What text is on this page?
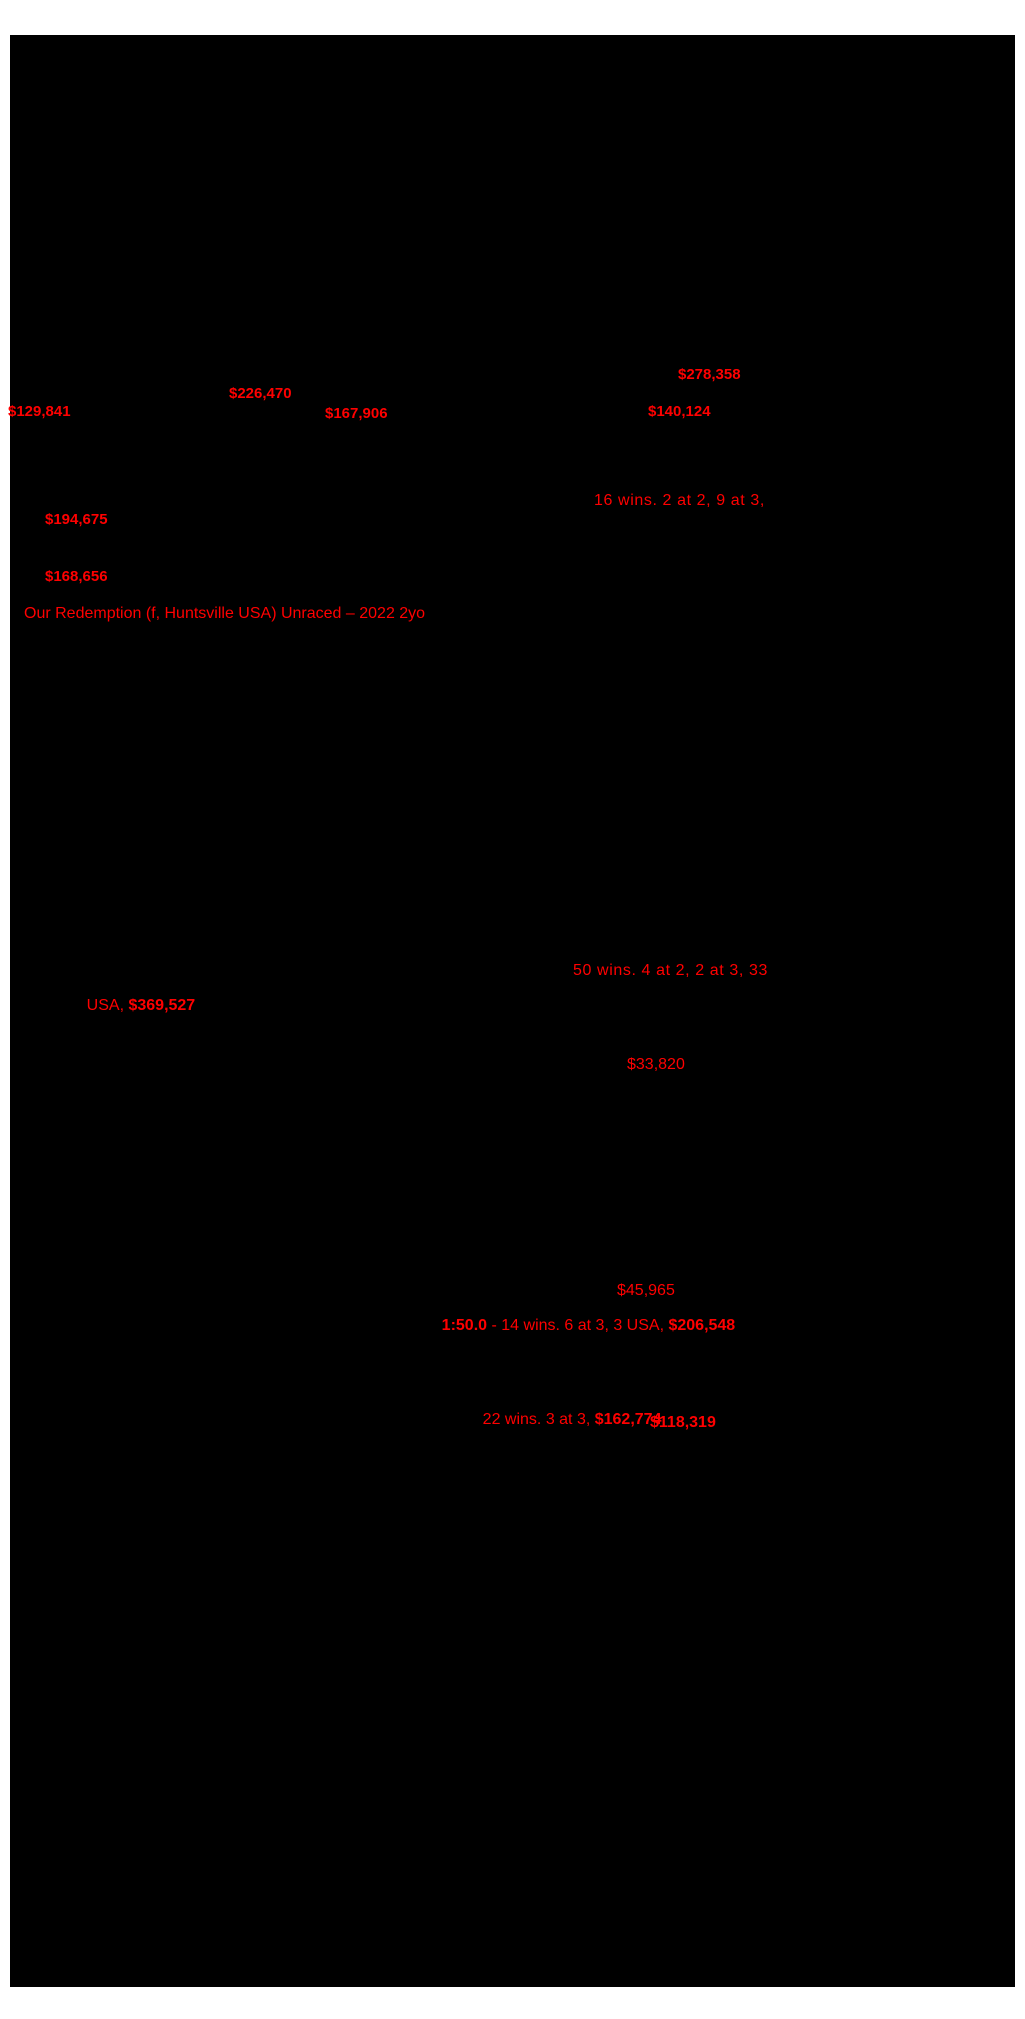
$278,358
$226,470
$129,841	$167,906	$140,124
16 wins. 2 at 2, 9 at 3,
$194,675
$168,656
Our Redemption (f, Huntsville USA) Unraced – 2022 2yo
50 wins. 4 at 2, 2 at 3, 33

USA, $369,527

$33,820
$45,965

1:50.0 - 14 wins. 6 at 3, 3 USA, $206,548

22 wins. 3 at 3, $162,774

$118,319
